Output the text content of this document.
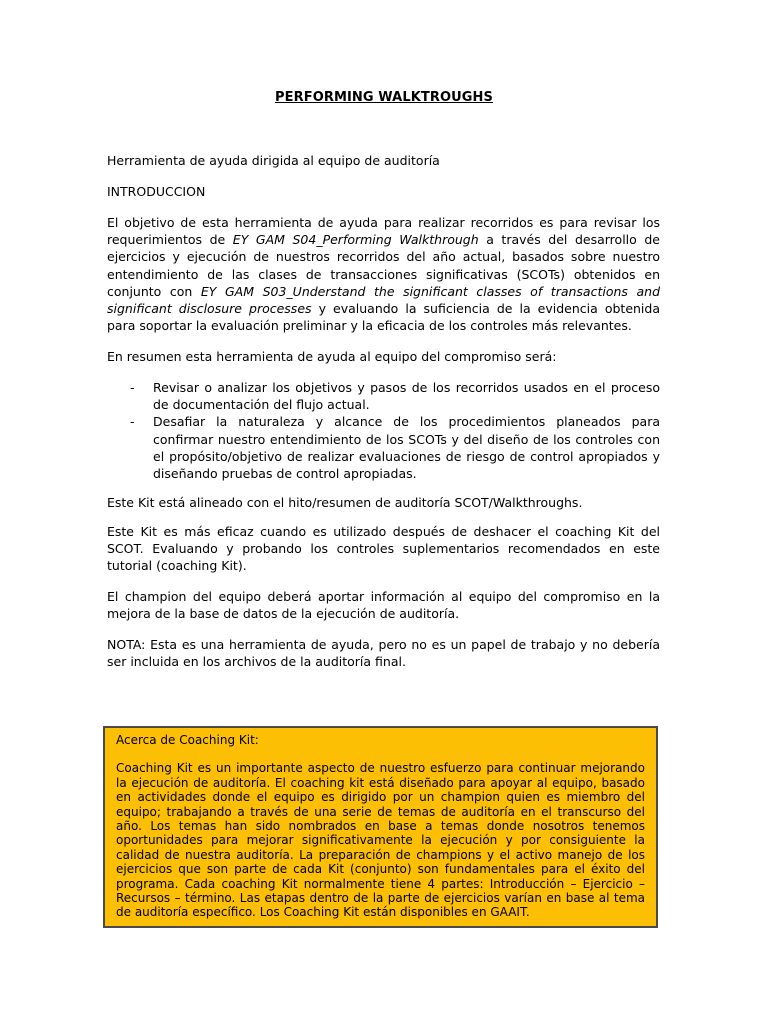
PERFORMING WALKTROUGHS
Herramienta de ayuda dirigida al equipo de auditoría
INTRODUCCION
El objetivo de esta herramienta de ayuda para realizar recorridos es para revisar los requerimientos de EY GAM S04_Performing Walkthrough a través del desarrollo de ejercicios y ejecución de nuestros recorridos del año actual, basados sobre nuestro entendimiento de las clases de transacciones significativas (SCOTs) obtenidos en conjunto con EY GAM S03_Understand the significant classes of transactions and significant disclosure processes y evaluando la suficiencia de la evidencia obtenida para soportar la evaluación preliminar y la eficacia de los controles más relevantes.
En resumen esta herramienta de ayuda al equipo del compromiso será:
- Revisar o analizar los objetivos y pasos de los recorridos usados en el proceso de documentación del flujo actual.
- Desafiar la naturaleza y alcance de los procedimientos planeados para confirmar nuestro entendimiento de los SCOTs y del diseño de los controles con el propósito/objetivo de realizar evaluaciones de riesgo de control apropiados y diseñando pruebas de control apropiadas.
Este Kit está alineado con el hito/resumen de auditoría SCOT/Walkthroughs.
Este Kit es más eficaz cuando es utilizado después de deshacer el coaching Kit del SCOT. Evaluando y probando los controles suplementarios recomendados en este tutorial (coaching Kit).
El champion del equipo deberá aportar información al equipo del compromiso en la mejora de la base de datos de la ejecución de auditoría.
NOTA: Esta es una herramienta de ayuda, pero no es un papel de trabajo y no debería ser incluida en los archivos de la auditoría final.
Acerca de Coaching Kit:
Coaching Kit es un importante aspecto de nuestro esfuerzo para continuar mejorando la ejecución de auditoría. El coaching kit está diseñado para apoyar al equipo, basado en actividades donde el equipo es dirigido por un champion quien es miembro del equipo; trabajando a través de una serie de temas de auditoría en el transcurso del año. Los temas han sido nombrados en base a temas donde nosotros tenemos oportunidades para mejorar significativamente la ejecución y por consiguiente la calidad de nuestra auditoría. La preparación de champions y el activo manejo de los ejercicios que son parte de cada Kit (conjunto) son fundamentales para el éxito del programa. Cada coaching Kit normalmente tiene 4 partes: Introducción – Ejercicio – Recursos – término. Las etapas dentro de la parte de ejercicios varían en base al tema de auditoría específico. Los Coaching Kit están disponibles en GAAIT.
